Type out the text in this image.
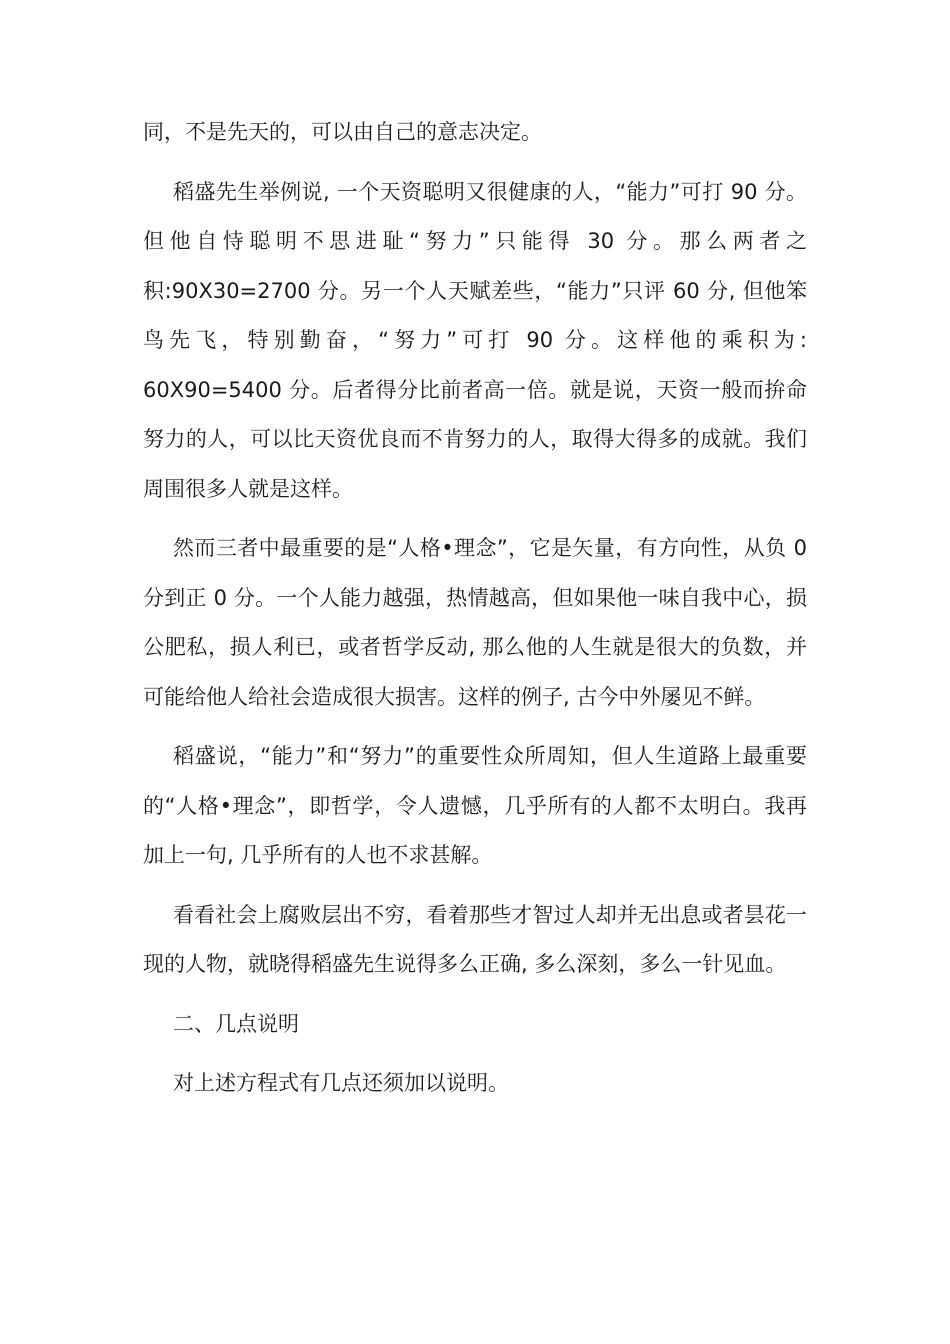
同，不是先天的，可以由自己的意志决定。

稻盛先生举例说, 一个天资聪明又很健康的人，“能力”可打 90 分。但他自恃聪明不思进耻“努力”只能得 30 分。那么两者之积:90X30=2700 分。另一个人天赋差些，“能力”只评 60 分, 但他笨鸟先飞，特别勤奋，“努力”可打 90 分。这样他的乘积为: 60X90=5400 分。后者得分比前者高一倍。就是说，天资一般而拚命努力的人，可以比天资优良而不肯努力的人，取得大得多的成就。我们周围很多人就是这样。

然而三者中最重要的是“人格•理念”，它是矢量，有方向性，从负 0 分到正 0 分。一个人能力越强，热情越高，但如果他一味自我中心，损公肥私，损人利已，或者哲学反动, 那么他的人生就是很大的负数，并可能给他人给社会造成很大损害。这样的例子, 古今中外屡见不鲜。

稻盛说，“能力”和“努力”的重要性众所周知，但人生道路上最重要的“人格•理念”，即哲学，令人遗憾，几乎所有的人都不太明白。我再加上一句, 几乎所有的人也不求甚解。

看看社会上腐败层出不穷，看着那些才智过人却并无出息或者昙花一现的人物，就晓得稻盛先生说得多么正确, 多么深刻，多么一针见血。

二、几点说明

对上述方程式有几点还须加以说明。
